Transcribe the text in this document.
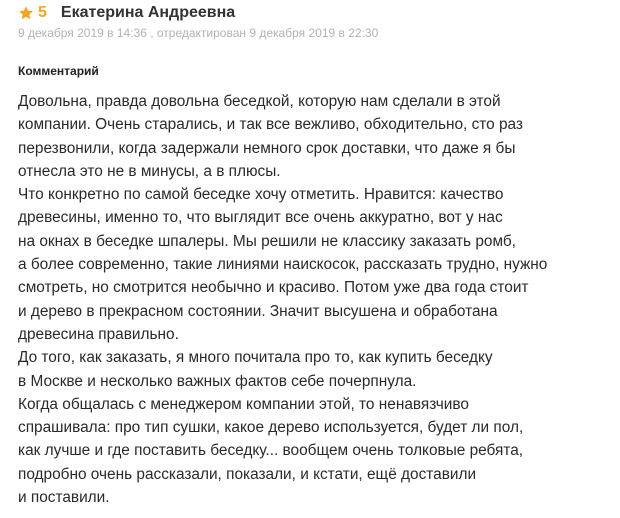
5 Екатерина Андреевна
9 декабря 2019 в 14:36 , отредактирован 9 декабря 2019 в 22:30
Комментарий
Довольна, правда довольна беседкой, которую нам сделали в этой
компании. Очень старались, и так все вежливо, обходительно, сто раз
перезвонили, когда задержали немного срок доставки, что даже я бы
отнесла это не в минусы, а в плюсы.
Что конкретно по самой беседке хочу отметить. Нравится: качество
древесины, именно то, что выглядит все очень аккуратно, вот у нас
на окнах в беседке шпалеры. Мы решили не классику заказать ромб,
а более современно, такие линиями наискосок, рассказать трудно, нужно
смотреть, но смотрится необычно и красиво. Потом уже два года стоит
и дерево в прекрасном состоянии. Значит высушена и обработана
древесина правильно.
До того, как заказать, я много почитала про то, как купить беседку
в Москве и несколько важных фактов себе почерпнула.
Когда общалась с менеджером компании этой, то ненавязчиво
спрашивала: про тип сушки, какое дерево используется, будет ли пол,
как лучше и где поставить беседку... вообщем очень толковые ребята,
подробно очень рассказали, показали, и кстати, ещё доставили
и поставили.
